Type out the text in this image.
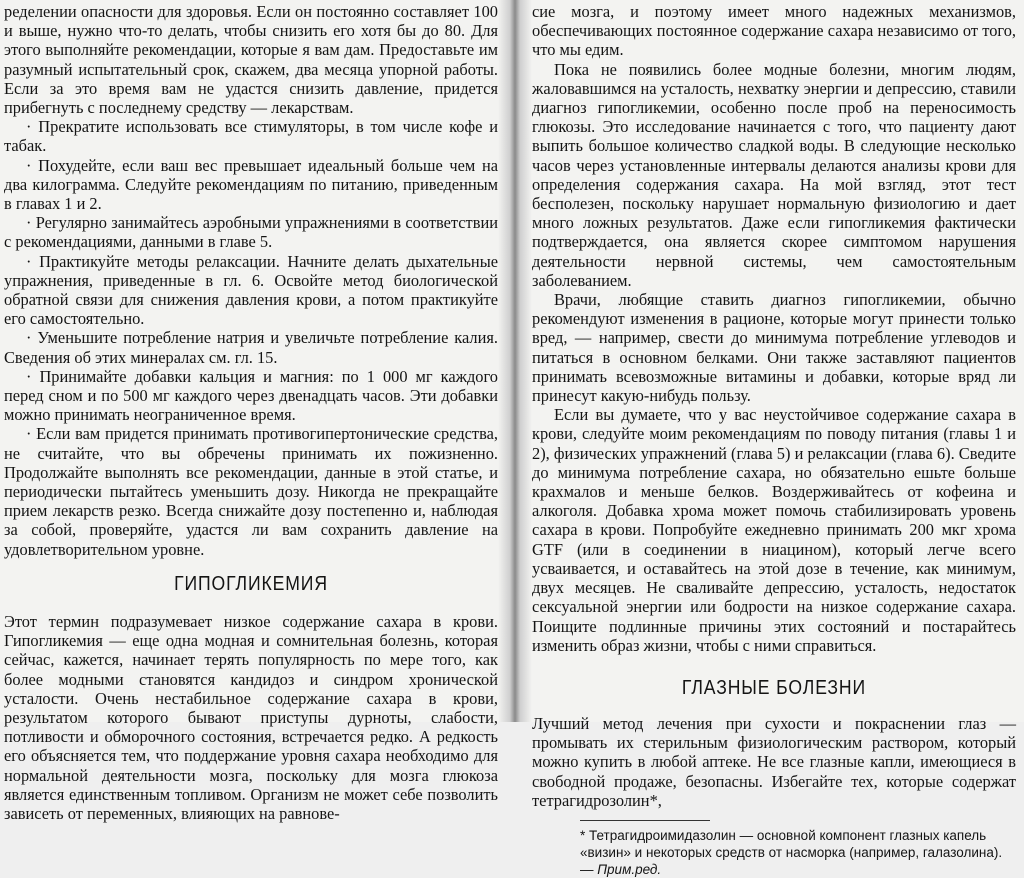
ределении опасности для здоровья. Если он постоянно составляет 100 и выше, нужно что-то делать, чтобы снизить его хотя бы до 80. Для этого выполняйте рекомендации, которые я вам дам. Предоставьте им разумный испытательный срок, скажем, два месяца упорной работы. Если за это время вам не удастся снизить давление, придется прибегнуть с последнему средству — лекарствам.

· Прекратите использовать все стимуляторы, в том числе кофе и табак.

· Похудейте, если ваш вес превышает идеальный больше чем на два килограмма. Следуйте рекомендациям по питанию, приведенным в главах 1 и 2.

· Регулярно занимайтесь аэробными упражнениями в соответствии с рекомендациями, данными в главе 5.

· Практикуйте методы релаксации. Начните делать дыхательные упражнения, приведенные в гл. 6. Освойте метод биологической обратной связи для снижения давления крови, а потом практикуйте его самостоятельно.

· Уменьшите потребление натрия и увеличьте потребление калия. Сведения об этих минералах см. гл. 15.

· Принимайте добавки кальция и магния: по 1 000 мг каждого перед сном и по 500 мг каждого через двенадцать часов. Эти добавки можно принимать неограниченное время.

· Если вам придется принимать противогипертонические средства, не считайте, что вы обречены принимать их пожизненно. Продолжайте выполнять все рекомендации, данные в этой статье, и периодически пытайтесь уменьшить дозу. Никогда не прекращайте прием лекарств резко. Всегда снижайте дозу постепенно и, наблюдая за собой, проверяйте, удастся ли вам сохранить давление на удовлетворительном уровне.

ГИПОГЛИКЕМИЯ

Этот термин подразумевает низкое содержание сахара в крови. Гипогликемия — еще одна модная и сомнительная болезнь, которая сейчас, кажется, начинает терять популярность по мере того, как более модными становятся кандидоз и синдром хронической усталости. Очень нестабильное содержание сахара в крови, результатом которого бывают приступы дурноты, слабости, потливости и обморочного состояния, встречается редко. А редкость его объясняется тем, что поддержание уровня сахара необходимо для нормальной деятельности мозга, поскольку для мозга глюкоза является единственным топливом. Организм не может себе позволить зависеть от переменных, влияющих на равнове-

сие мозга, и поэтому имеет много надежных механизмов, обеспечивающих постоянное содержание сахара независимо от того, что мы едим.

Пока не появились более модные болезни, многим людям, жаловавшимся на усталость, нехватку энергии и депрессию, ставили диагноз гипогликемии, особенно после проб на переносимость глюкозы. Это исследование начинается с того, что пациенту дают выпить большое количество сладкой воды. В следующие несколько часов через установленные интервалы делаются анализы крови для определения содержания сахара. На мой взгляд, этот тест бесполезен, поскольку нарушает нормальную физиологию и дает много ложных результатов. Даже если гипогликемия фактически подтверждается, она является скорее симптомом нарушения деятельности нервной системы, чем самостоятельным заболеванием.

Врачи, любящие ставить диагноз гипогликемии, обычно рекомендуют изменения в рационе, которые могут принести только вред, — например, свести до минимума потребление углеводов и питаться в основном белками. Они также заставляют пациентов принимать всевозможные витамины и добавки, которые вряд ли принесут какую-нибудь пользу.

Если вы думаете, что у вас неустойчивое содержание сахара в крови, следуйте моим рекомендациям по поводу питания (главы 1 и 2), физических упражнений (глава 5) и релаксации (глава 6). Сведите до минимума потребление сахара, но обязательно ешьте больше крахмалов и меньше белков. Воздерживайтесь от кофеина и алкоголя. Добавка хрома может помочь стабилизировать уровень сахара в крови. Попробуйте ежедневно принимать 200 мкг хрома GTF (или в соединении в ниацином), который легче всего усваивается, и оставайтесь на этой дозе в течение, как минимум, двух месяцев. Не сваливайте депрессию, усталость, недостаток сексуальной энергии или бодрости на низкое содержание сахара. Поищите подлинные причины этих состояний и постарайтесь изменить образ жизни, чтобы с ними справиться.

ГЛАЗНЫЕ БОЛЕЗНИ

Лучший метод лечения при сухости и покраснении глаз — промывать их стерильным физиологическим раствором, который можно купить в любой аптеке. Не все глазные капли, имеющиеся в свободной продаже, безопасны. Избегайте тех, которые содержат тетрагидрозолин*,

* Тетрагидроимидазолин — основной компонент глазных капель «визин» и некоторых средств от насморка (например, галазолина). — Прим.ред.
